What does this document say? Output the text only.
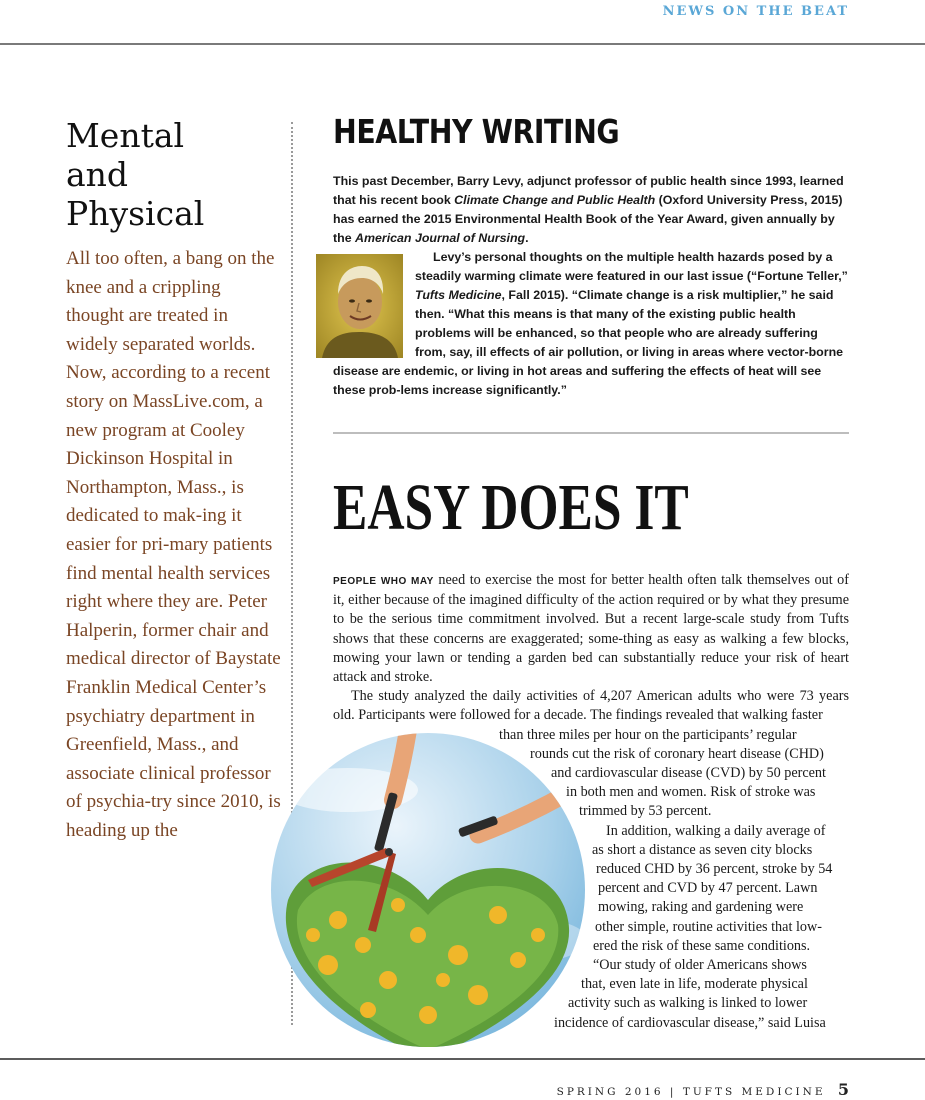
NEWS ON THE BEAT
Mental
and
Physical

All too often, a bang on the knee and a crippling thought are treated in widely separated worlds. Now, according to a recent story on MassLive.com, a new program at Cooley Dickinson Hospital in Northampton, Mass., is dedicated to mak-ing it easier for pri-mary patients find mental health services right where they are. Peter Halperin, former chair and medical director of Baystate Franklin Medical Center’s psychiatry department in Greenfield, Mass., and associate clinical professor of psychia-try since 2010, is heading up the

HEALTHY WRITING

This past December, Barry Levy, adjunct professor of public health since 1993, learned that his recent book Climate Change and Public Health (Oxford University Press, 2015) has earned the 2015 Environmental Health Book of the Year Award, given annually by the American Journal of Nursing.

Levy’s personal thoughts on the multiple health hazards posed by a steadily warming climate were featured in our last issue (“Fortune Teller,” Tufts Medicine, Fall 2015). “Climate change is a risk multiplier,” he said then. “What this means is that many of the existing public health problems will be enhanced, so that people who are already suffering from, say, ill effects of air pollution, or living in areas where vector-borne disease are endemic, or living in hot areas and suffering the effects of heat will see these prob-lems increase significantly.”

EASY DOES IT

PEOPLE WHO MAY need to exercise the most for better health often talk themselves out of it, either because of the imagined difficulty of the action required or by what they presume to be the serious time commitment involved. But a recent large-scale study from Tufts shows that these concerns are exaggerated; some-thing as easy as walking a few blocks, mowing your lawn or tending a garden bed can substantially reduce your risk of heart attack and stroke.

The study analyzed the daily activities of 4,207 American adults who were 73 years old. Participants were followed for a decade. The findings revealed that walking faster

than three miles per hour on the participants’ regular
rounds cut the risk of coronary heart disease (CHD)
and cardiovascular disease (CVD) by 50 percent
in both men and women. Risk of stroke was
trimmed by 53 percent.
In addition, walking a daily average of
as short a distance as seven city blocks
reduced CHD by 36 percent, stroke by 54
percent and CVD by 47 percent. Lawn
mowing, raking and gardening were
other simple, routine activities that low-
ered the risk of these same conditions.
“Our study of older Americans shows
that, even late in life, moderate physical
activity such as walking is linked to lower
incidence of cardiovascular disease,” said Luisa
SPRING 2016 | TUFTS MEDICINE 5
